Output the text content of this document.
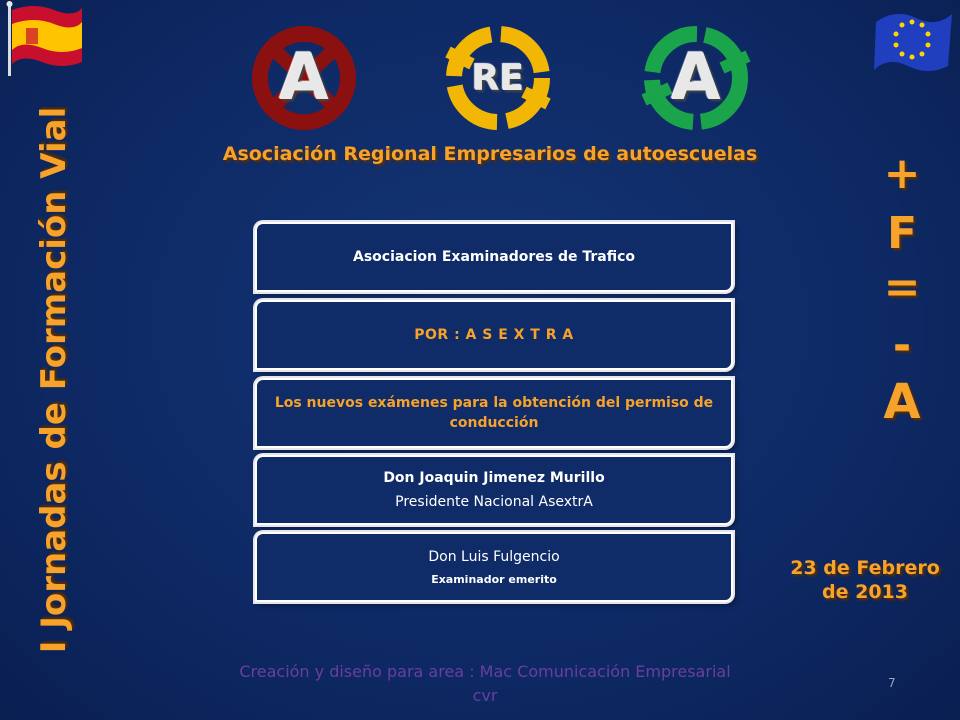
A	RE	A
Asociación Regional Empresarios de autoescuelas
I Jornadas de Formación Vial	+
F
=
-
A
23 de Febrero
de 2013
Asociacion Examinadores de Trafico
POR : A S E X T R A
Los nuevos exámenes para la obtención del permiso de conducción
Don Joaquin Jimenez Murillo
Presidente Nacional AsextrA
Don Luis Fulgencio
Examinador emerito
Creación y diseño para area : Mac Comunicación Empresarial
cvr
7
